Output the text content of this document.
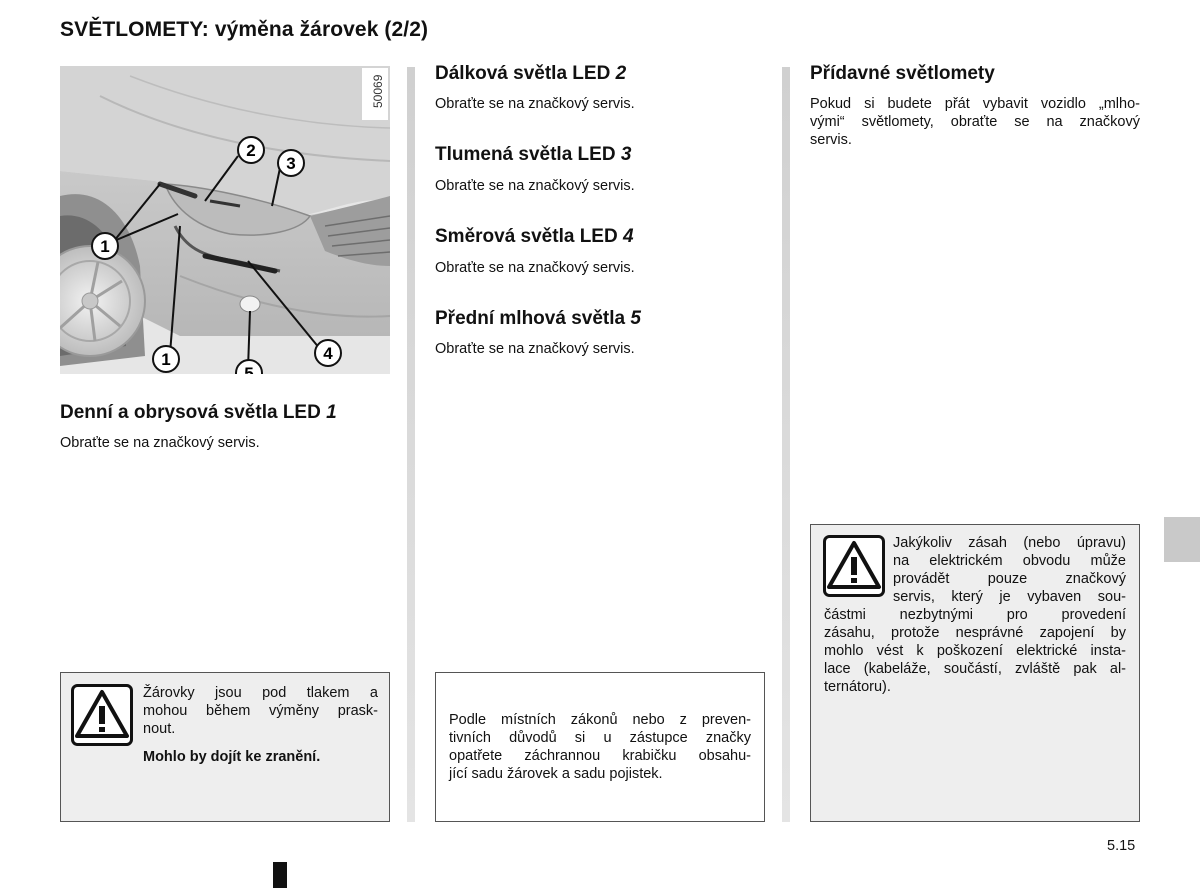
SVĚTLOMETY: výměna žárovek (2/2)
50069
2
3
1
1	4
5
Denní a obrysová světla LED 1
Obraťte se na značkový servis.
Žárovky jsou pod tlakem a
mohou během výměny prask-
nout.
Mohlo by dojít ke zranění.
Dálková světla LED 2
Obraťte se na značkový servis.
Tlumená světla LED 3
Obraťte se na značkový servis.
Směrová světla LED 4
Obraťte se na značkový servis.
Přední mlhová světla 5
Obraťte se na značkový servis.
Podle místních zákonů nebo z preven-
tivních důvodů si u zástupce značky
opatřete záchrannou krabičku obsahu-
jící sadu žárovek a sadu pojistek.
Přídavné světlomety
Pokud si budete přát vybavit vozidlo „mlho-
vými“ světlomety, obraťte se na značkový
servis.
Jakýkoliv zásah (nebo úpravu)
na elektrickém obvodu může
provádět pouze značkový
servis, který je vybaven sou-
částmi nezbytnými pro provedení
zásahu, protože nesprávné zapojení by
mohlo vést k poškození elektrické insta-
lace (kabeláže, součástí, zvláště pak al-
ternátoru).
5.15
